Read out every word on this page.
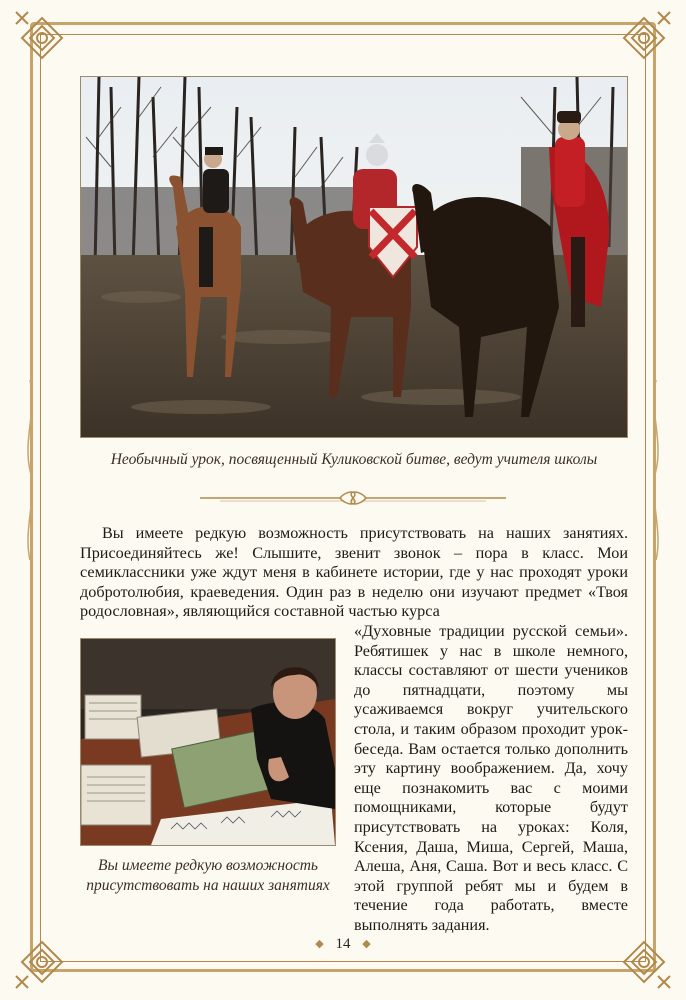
Необычный урок, посвященный Куликовской битве, ведут учителя школы
Вы имеете редкую возможность присутствовать на наших занятиях. Присоединяйтесь же! Слышите, звенит звонок – пора в класс. Мои семиклассники уже ждут меня в кабинете истории, где у нас проходят уроки добротолюбия, краеведения. Один раз в неделю они изучают предмет «Твоя родословная», являющийся составной частью курса
Вы имеете редкую возможность присутствовать на наших занятиях
«Духовные традиции русской семьи». Ребятишек у нас в школе немного, классы составляют от шести учеников до пятнадцати, поэтому мы усаживаемся вокруг учительского стола, и таким образом проходит урок-беседа. Вам остается только дополнить эту картину воображением. Да, хочу еще познакомить вас с моими помощниками, которые будут присутствовать на уроках: Коля, Ксения, Даша, Миша, Сергей, Маша, Алеша, Аня, Саша. Вот и весь класс. С этой группой ребят мы и будем в течение года работать, вместе выполнять задания.
◆ 14 ◆
